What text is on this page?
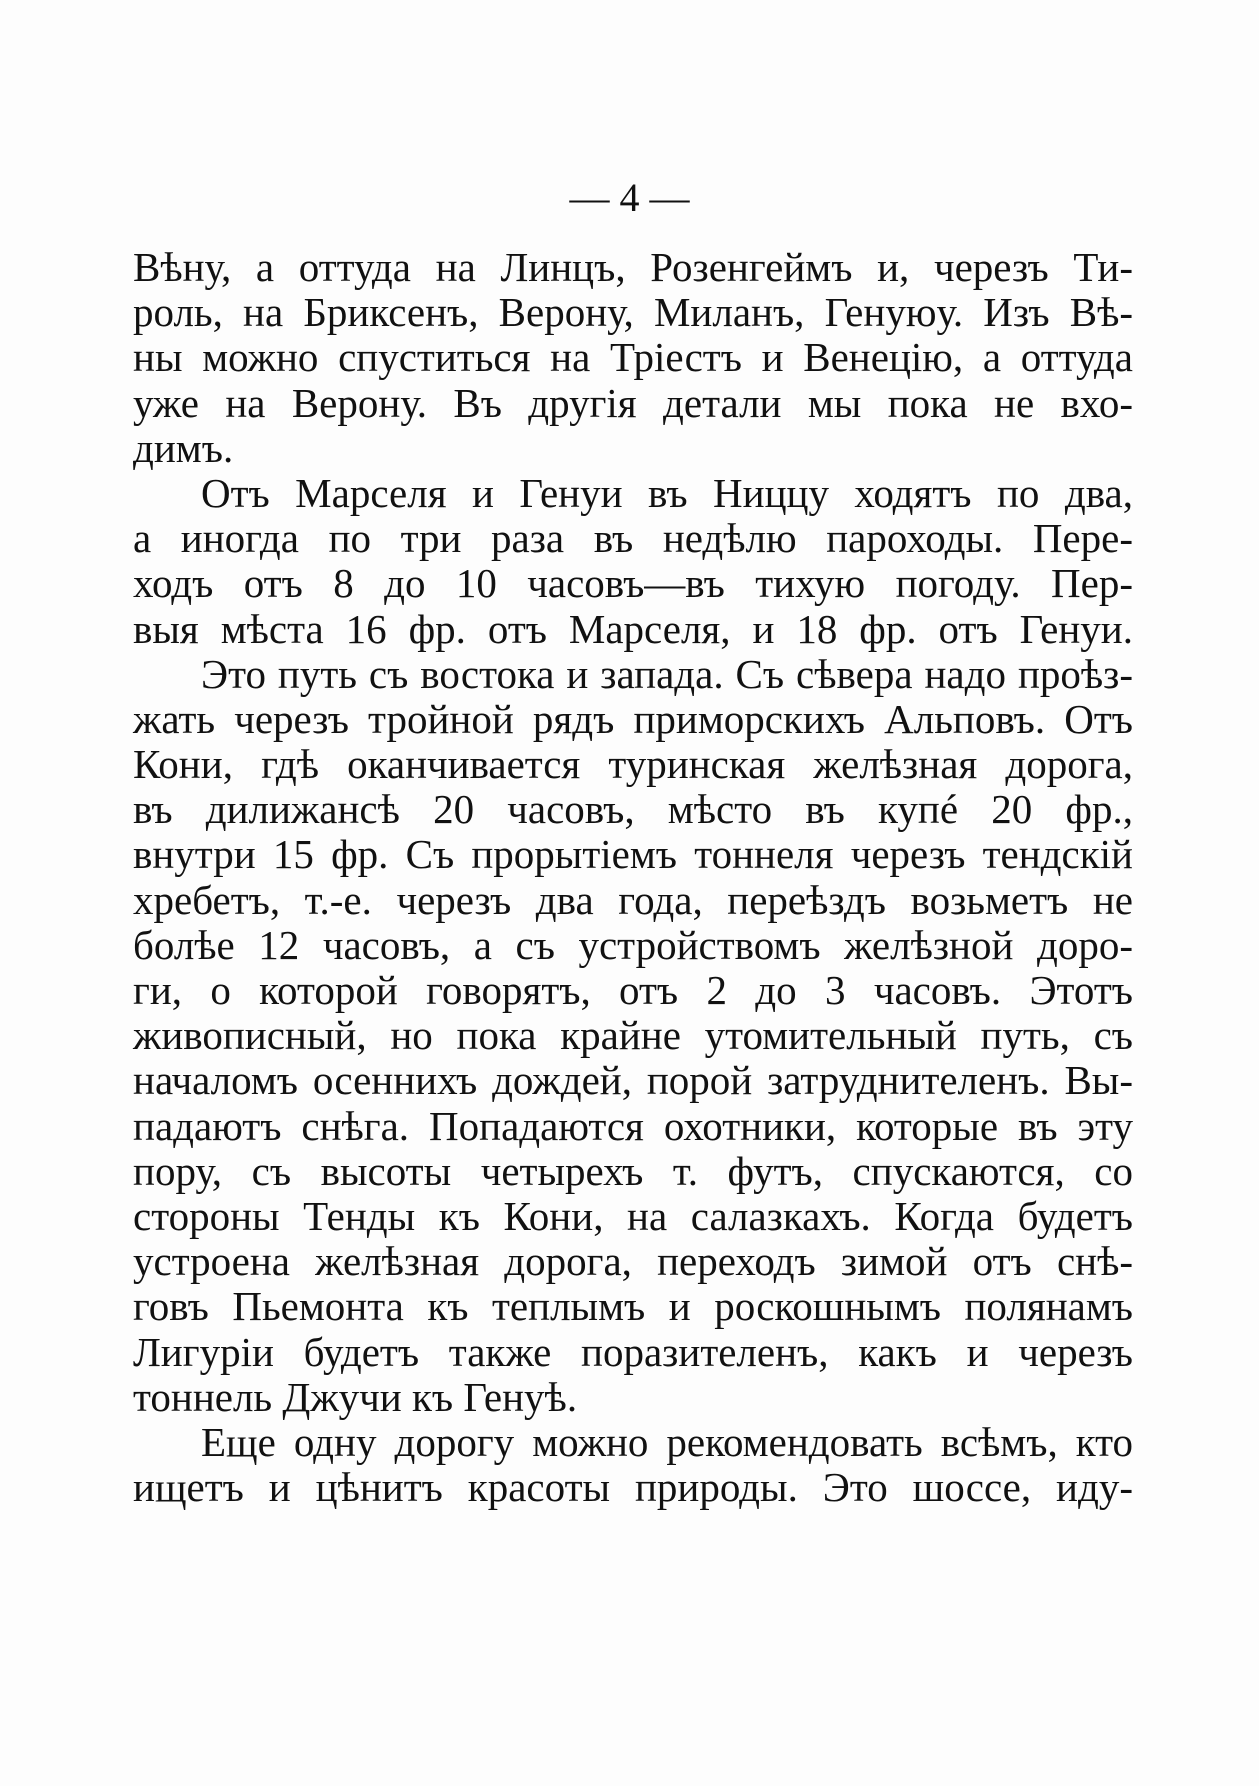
— 4 —
Вѣну, а оттуда на Линцъ, Розенгеймъ и, черезъ Ти-
роль, на Бриксенъ, Верону, Миланъ, Генуюу. Изъ Вѣ-
ны можно спуститься на Тріестъ и Венецію, а оттуда
уже на Верону. Въ другія детали мы пока не вхо-
димъ.
Отъ Марселя и Генуи въ Ниццу ходятъ по два,
а иногда по три раза въ недѣлю пароходы. Пере-
ходъ отъ 8 до 10 часовъ—въ тихую погоду. Пер-
выя мѣста 16 фр. отъ Марселя, и 18 фр. отъ Генуи.
Это путь съ востока и запада. Съ сѣвера надо проѣз-
жать черезъ тройной рядъ приморскихъ Альповъ. Отъ
Кони, гдѣ оканчивается туринская желѣзная дорога,
въ дилижансѣ 20 часовъ, мѣсто въ купé 20 фр.,
внутри 15 фр. Съ прорытіемъ тоннеля черезъ тендскій
хребетъ, т.-е. черезъ два года, переѣздъ возьметъ не
болѣе 12 часовъ, а съ устройствомъ желѣзной доро-
ги, о которой говорятъ, отъ 2 до 3 часовъ. Этотъ
живописный, но пока крайне утомительный путь, съ
началомъ осеннихъ дождей, порой затруднителенъ. Вы-
падаютъ снѣга. Попадаются охотники, которые въ эту
пору, съ высоты четырехъ т. футъ, спускаются, со
стороны Тенды къ Кони, на салазкахъ. Когда будетъ
устроена желѣзная дорога, переходъ зимой отъ снѣ-
говъ Пьемонта къ теплымъ и роскошнымъ полянамъ
Лигуріи будетъ также поразителенъ, какъ и черезъ
тоннель Джучи къ Генуѣ.
Еще одну дорогу можно рекомендовать всѣмъ, кто
ищетъ и цѣнитъ красоты природы. Это шоссе, иду-
